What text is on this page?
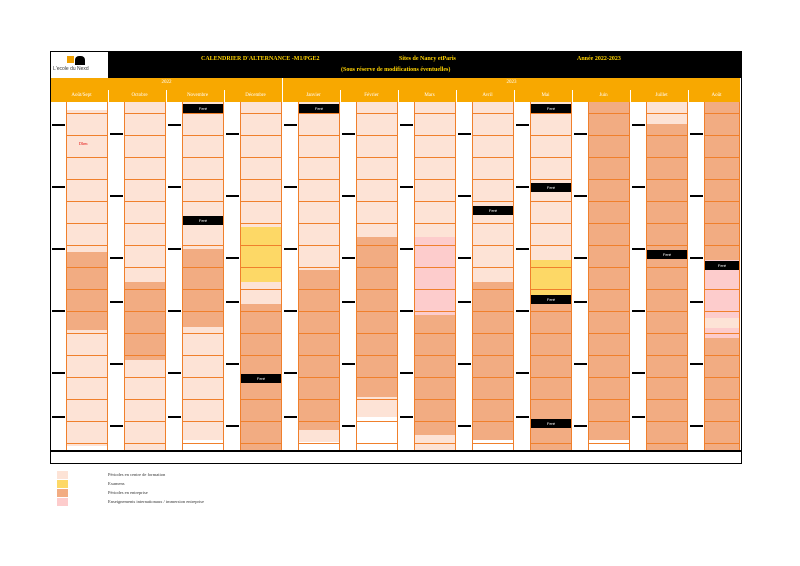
L'ecole du Nexd
CALENDRIER D'ALTERNANCE -M1/PGE2	Sites de Nancy etParis	Année 2022-2023
(Sous réserve de modifications éventuelles)
2022	2023
Août/Sept	Octobre	Novembre	Décembre	Janvier	Février	Mars	Avril	Mai	Juin	Juillet	Août
Feré
Feré
Feré
Feré
Feré
Feré
Feré
Feré
Feré
Feré
Feré
Dlrm
Périodes en centre de formation
Examens
Périodes en entreprise
Enseignements internationaux / immersion entreprise
